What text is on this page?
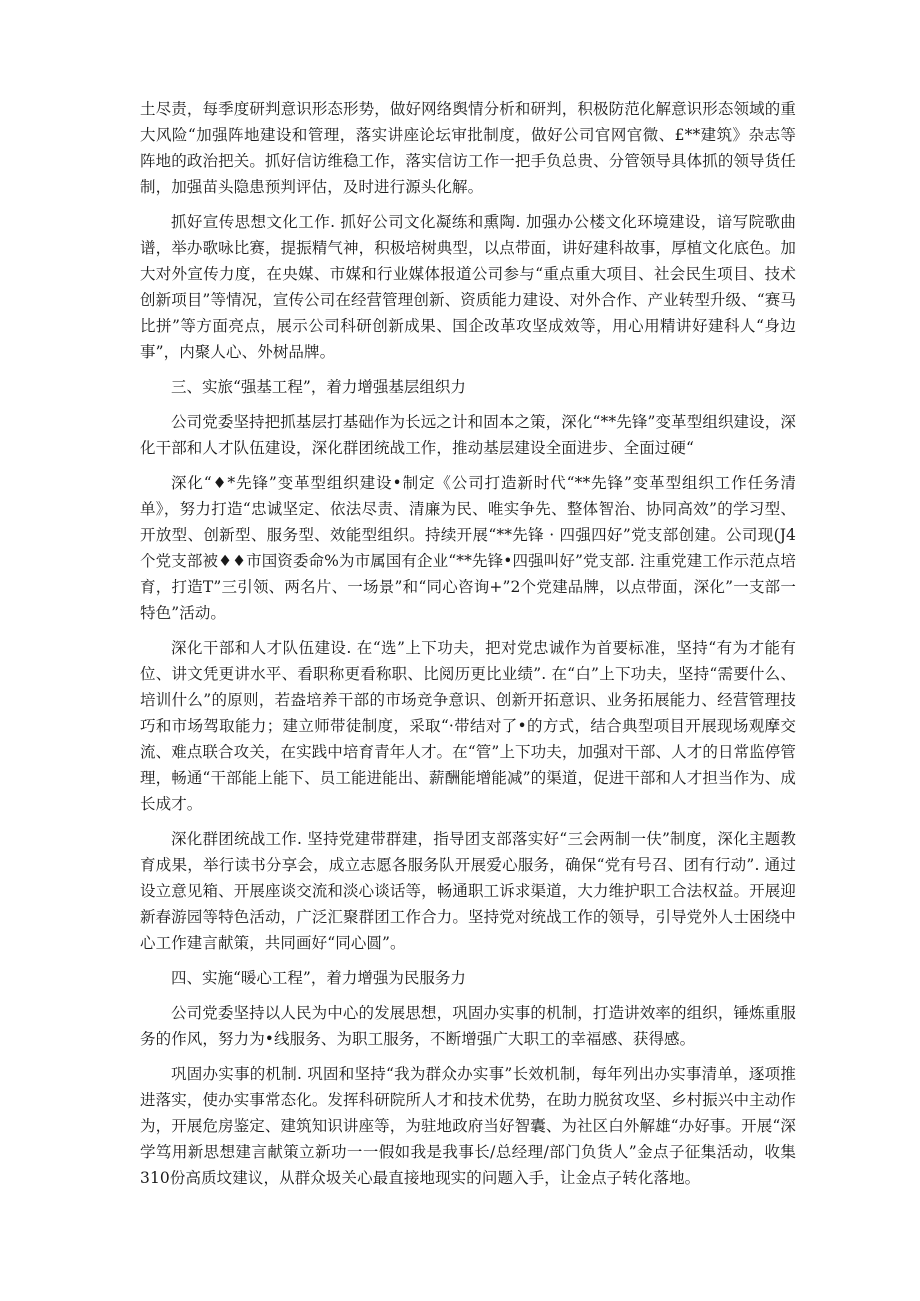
土尽责，每季度研判意识形态形势，做好网络舆情分析和研判，积极防范化解意识形态领域的重大风险“加强阵地建设和管理，落实讲座论坛审批制度，做好公司官网官微、£**建筑》杂志等阵地的政治把关。抓好信访维稳工作，落实信访工作一把手负总贵、分管领导具体抓的领导货任制，加强苗头隐患预判评估，及时进行源头化解。

抓好宣传思想文化工作. 抓好公司文化凝练和熏陶. 加强办公楼文化环境建设，谙写院歌曲谱，举办歌咏比赛，提振精气神，积极培树典型，以点带面，讲好建科故事，厚植文化底色。加大对外宣传力度，在央媒、市媒和行业媒体报道公司参与“重点重大项目、社会民生项目、技术创新项目”等情况，宣传公司在经营管理创新、资质能力建设、对外合作、产业转型升级、“赛马比拼”等方面亮点，展示公司科研创新成果、国企改革攻坚成效等，用心用精讲好建科人“身边事”，内聚人心、外树品牌。

三、实旅“强基工程”，着力增强基层组织力

公司党委坚持把抓基层打基础作为长远之计和固本之策，深化“**先锋”变革型组织建设，深化干部和人才队伍建设，深化群团统战工作，推动基层建设全面进步、全面过硬“

深化“♦*先锋”变革型组织建设•制定《公司打造新时代“**先锋”变革型组织工作任务清单》，努力打造“忠诚坚定、依法尽责、清廉为民、唯实争先、整体智治、协同高效”的学习型、开放型、创新型、服务型、效能型组织。持续开展“**先锋 · 四强四好”党支部创建。公司现(J4个党支部被♦♦市国资委命%为市属国有企业“**先锋•四强叫好”党支部. 注重党建工作示范点培育，打造T”三引领、两名片、一场景”和“同心咨询+”2个党建品牌，以点带面，深化”一支部一特色”活动。

深化干部和人才队伍建设. 在“选”上下功夫，把对党忠诚作为首要标准，坚持“有为才能有位、讲文凭更讲水平、看职称更看称职、比阅历更比业绩”. 在“白”上下功夫，坚持“需要什么、培训什么”的原则，若盎培养干部的市场竞争意识、创新开拓意识、业务拓展能力、经营管理技巧和市场驾取能力；建立师带徒制度，采取“·带结对了•的方式，结合典型项目开展现场观摩交流、难点联合攻关，在实践中培育青年人才。在“管”上下功夫，加强对干部、人才的日常监停管理，畅通“干部能上能下、员工能进能出、薪酬能增能减”的渠道，促进干部和人才担当作为、成长成才。

深化群团统战工作. 坚持党建带群建，指导团支部落实好“三会两制一伕”制度，深化主题教育成果，举行读书分享会，成立志愿各服务队开展爱心服务，确保“党有号召、团有行动”. 通过设立意见箱、开展座谈交流和淡心谈话等，畅通职工诉求渠道，大力维护职工合法权益。开展迎新春游园等特色活动，广泛汇聚群团工作合力。坚持党对统战工作的领导，引导党外人士困绕中心工作建言献策，共同画好“同心圆”。

四、实施“暖心工程”，着力增强为民服务力

公司党委坚持以人民为中心的发展思想，巩固办实事的机制，打造讲效率的组织，锤炼重服务的作风，努力为•线服务、为职工服务，不断增强广大职工的幸福感、获得感。

巩固办实事的机制. 巩固和坚持“我为群众办实事”长效机制，每年列出办实事清单，逐项推进落实，使办实事常态化。发挥科研院所人才和技术优势，在助力脱贫攻坚、乡村振兴中主动作为，开展危房鉴定、建筑知识讲座等，为驻地政府当好智囊、为社区白外解雄“办好事。开展“深学笃用新思想建言献策立新功一一假如我是我事长/总经理/部门负货人”金点子征集活动，收集310份高质坟建议，从群众圾关心最直接地现实的问题入手，让金点子转化落地。
